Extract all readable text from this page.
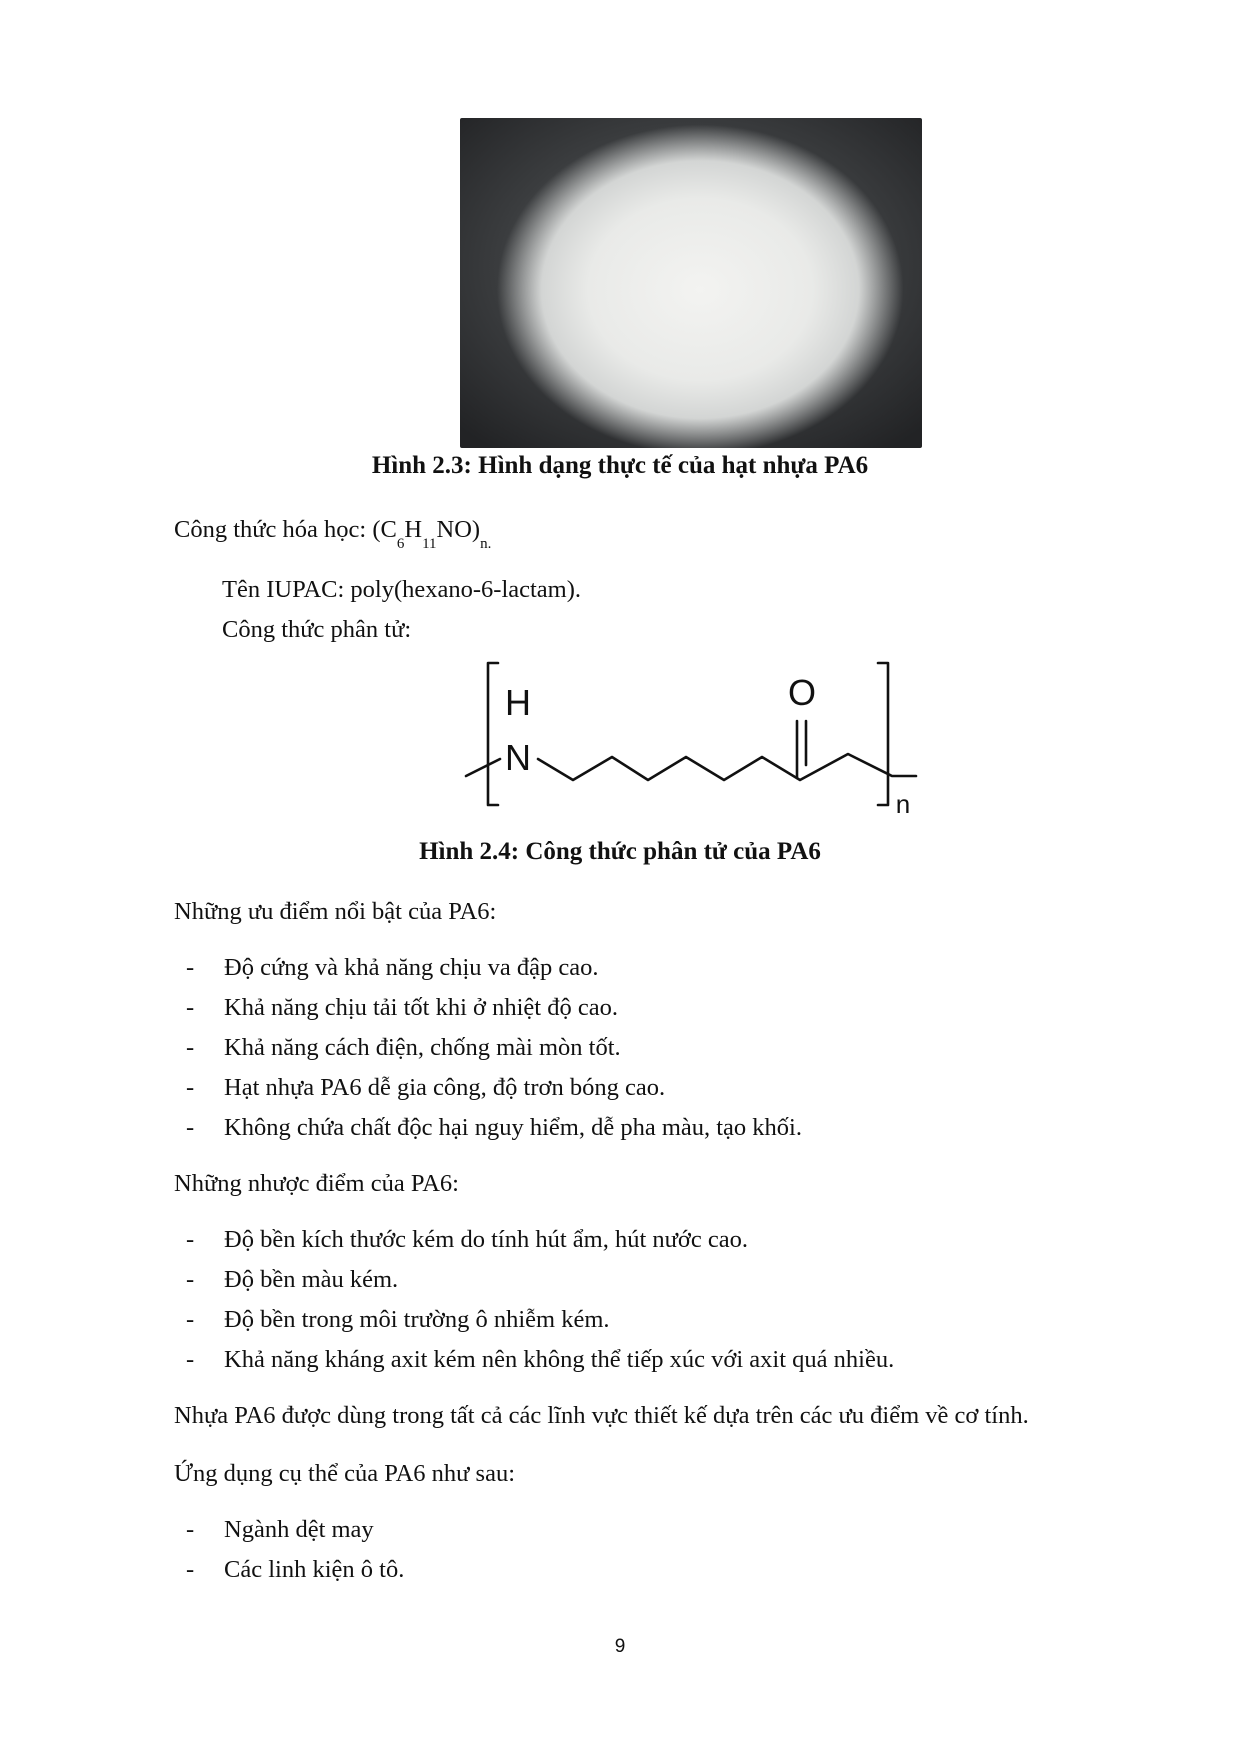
Hình 2.3: Hình dạng thực tế của hạt nhựa PA6
Công thức hóa học: $(C_6H_{11}NO)_{n.}$
Tên IUPAC: poly(hexano-6-lactam).
Công thức phân tử:
H
N
O
n
Hình 2.4: Công thức phân tử của PA6
Những ưu điểm nổi bật của PA6:
- Độ cứng và khả năng chịu va đập cao.
- Khả năng chịu tải tốt khi ở nhiệt độ cao.
- Khả năng cách điện, chống mài mòn tốt.
- Hạt nhựa PA6 dễ gia công, độ trơn bóng cao.
- Không chứa chất độc hại nguy hiểm, dễ pha màu, tạo khối.
Những nhược điểm của PA6:
- Độ bền kích thước kém do tính hút ẩm, hút nước cao.
- Độ bền màu kém.
- Độ bền trong môi trường ô nhiễm kém.
- Khả năng kháng axit kém nên không thể tiếp xúc với axit quá nhiều.
Nhựa PA6 được dùng trong tất cả các lĩnh vực thiết kế dựa trên các ưu điểm về cơ tính.
Ứng dụng cụ thể của PA6 như sau:
- Ngành dệt may
- Các linh kiện ô tô.
9
